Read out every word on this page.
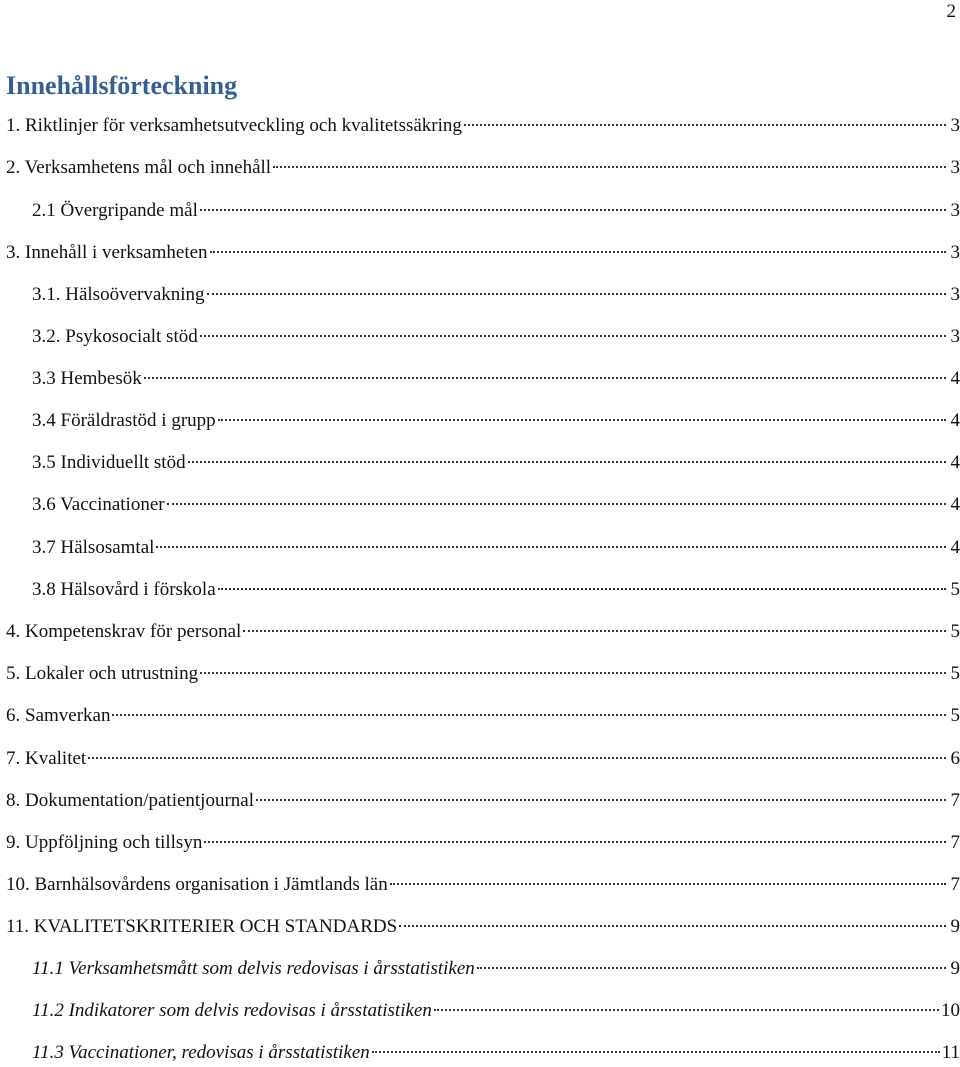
2
Innehållsförteckning
1. Riktlinjer för verksamhetsutveckling och kvalitetssäkring	3
2. Verksamhetens mål och innehåll	3
2.1 Övergripande mål	3
3. Innehåll i verksamheten	3
3.1. Hälsoövervakning	3
3.2. Psykosocialt stöd	3
3.3 Hembesök	4
3.4 Föräldrastöd i grupp	4
3.5 Individuellt stöd	4
3.6 Vaccinationer	4
3.7 Hälsosamtal	4
3.8 Hälsovård i förskola	5
4. Kompetenskrav för personal	5
5. Lokaler och utrustning	5
6. Samverkan	5
7. Kvalitet	6
8. Dokumentation/patientjournal	7
9. Uppföljning och tillsyn	7
10. Barnhälsovårdens organisation i Jämtlands län	7
11. KVALITETSKRITERIER OCH STANDARDS	9
11.1 Verksamhetsmått som delvis redovisas i årsstatistiken	9
11.2 Indikatorer som delvis redovisas i årsstatistiken	10
11.3 Vaccinationer, redovisas i årsstatistiken	11
